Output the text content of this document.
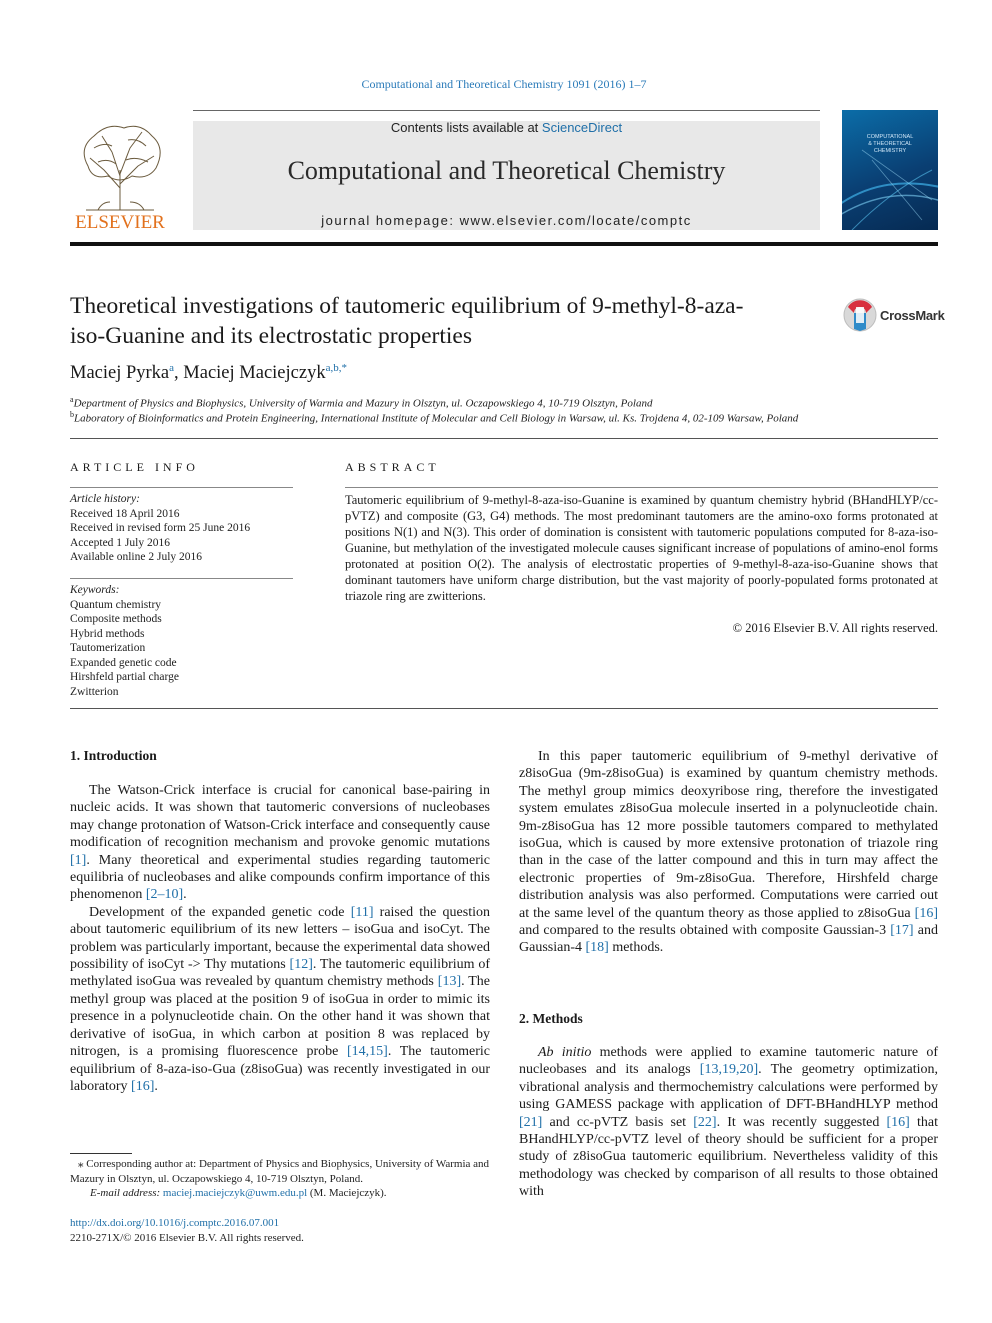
Computational and Theoretical Chemistry 1091 (2016) 1–7
ELSEVIER
Contents lists available at ScienceDirect
Computational and Theoretical Chemistry
journal homepage: www.elsevier.com/locate/comptc
COMPUTATIONAL
& THEORETICAL
CHEMISTRY
Theoretical investigations of tautomeric equilibrium of 9-methyl-8-aza-
iso-Guanine and its electrostatic properties
CrossMark
Maciej Pyrka$^a$, Maciej Maciejczyk$^{a,b,*}$
$^a$Department of Physics and Biophysics, University of Warmia and Mazury in Olsztyn, ul. Oczapowskiego 4, 10-719 Olsztyn, Poland
$^b$Laboratory of Bioinformatics and Protein Engineering, International Institute of Molecular and Cell Biology in Warsaw, ul. Ks. Trojdena 4, 02-109 Warsaw, Poland
ARTICLE INFO
Article history:
Received 18 April 2016
Received in revised form 25 June 2016
Accepted 1 July 2016
Available online 2 July 2016
Keywords:
Quantum chemistry
Composite methods
Hybrid methods
Tautomerization
Expanded genetic code
Hirshfeld partial charge
Zwitterion
ABSTRACT
Tautomeric equilibrium of 9-methyl-8-aza-iso-Guanine is examined by quantum chemistry hybrid (BHandHLYP/cc-pVTZ) and composite (G3, G4) methods. The most predominant tautomers are the amino-oxo forms protonated at positions N(1) and N(3). This order of domination is consistent with tautomeric populations computed for 8-aza-iso-Guanine, but methylation of the investigated molecule causes significant increase of populations of amino-enol forms protonated at position O(2). The analysis of electrostatic properties of 9-methyl-8-aza-iso-Guanine shows that dominant tautomers have uniform charge distribution, but the vast majority of poorly-populated forms protonated at triazole ring are zwitterions.
© 2016 Elsevier B.V. All rights reserved.
1. Introduction

The Watson-Crick interface is crucial for canonical base-pairing in nucleic acids. It was shown that tautomeric conversions of nucleobases may change protonation of Watson-Crick interface and consequently cause modification of recognition mechanism and provoke genomic mutations [1]. Many theoretical and experimental studies regarding tautomeric equilibria of nucleobases and alike compounds confirm importance of this phenomenon [2–10].

Development of the expanded genetic code [11] raised the question about tautomeric equilibrium of its new letters – isoGua and isoCyt. The problem was particularly important, because the experimental data showed possibility of isoCyt -> Thy mutations [12]. The tautomeric equilibrium of methylated isoGua was revealed by quantum chemistry methods [13]. The methyl group was placed at the position 9 of isoGua in order to mimic its presence in a polynucleotide chain. On the other hand it was shown that derivative of isoGua, in which carbon at position 8 was replaced by nitrogen, is a promising fluorescence probe [14,15]. The tautomeric equilibrium of 8-aza-iso-Gua (z8isoGua) was recently investigated in our laboratory [16].

⁎ Corresponding author at: Department of Physics and Biophysics, University of Warmia and Mazury in Olsztyn, ul. Oczapowskiego 4, 10-719 Olsztyn, Poland.
E-mail address: maciej.maciejczyk@uwm.edu.pl (M. Maciejczyk).
http://dx.doi.org/10.1016/j.comptc.2016.07.001
2210-271X/© 2016 Elsevier B.V. All rights reserved.

In this paper tautomeric equilibrium of 9-methyl derivative of z8isoGua (9m-z8isoGua) is examined by quantum chemistry methods. The methyl group mimics deoxyribose ring, therefore the investigated system emulates z8isoGua molecule inserted in a polynucleotide chain. 9m-z8isoGua has 12 more possible tautomers compared to methylated isoGua, which is caused by more extensive protonation of triazole ring than in the case of the latter compound and this in turn may affect the electronic properties of 9m-z8isoGua. Therefore, Hirshfeld charge distribution analysis was also performed. Computations were carried out at the same level of the quantum theory as those applied to z8isoGua [16] and compared to the results obtained with composite Gaussian-3 [17] and Gaussian-4 [18] methods.

2. Methods

Ab initio methods were applied to examine tautomeric nature of nucleobases and its analogs [13,19,20]. The geometry optimization, vibrational analysis and thermochemistry calculations were performed by using GAMESS package with application of DFT-BHandHLYP method [21] and cc-pVTZ basis set [22]. It was recently suggested [16] that BHandHLYP/cc-pVTZ level of theory should be sufficient for a proper study of z8isoGua tautomeric equilibrium. Nevertheless validity of this methodology was checked by comparison of all results to those obtained with
